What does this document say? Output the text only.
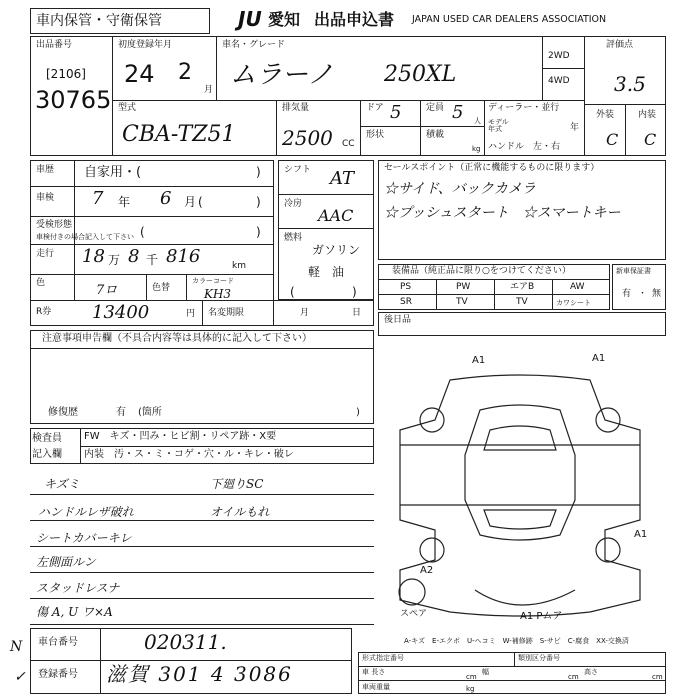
車内保管・守衛保管	JU 愛知 出品申込書 JAPAN USED CAR DEALERS ASSOCIATION
出品番号
[2106]
30765
初度登録年月
24 2
月
車名・グレード
ムラーノ 250XL
2WD
4WD
評価点
3.5
外装	内装
C C
型式
CBA-TZ51
排気量
2500 CC
ドア 5	定員 5 人
形状	積載
kg
ディーラー・並行
モデル
年式	年
ハンドル　左・右
車歴 自家用・(	)
車検 7 年 6 月 (	)
受検形態
車検付きの場合記入して下さい (	)
走行 18 万 8 千 816	km
色	7ロ	色替
カラーコード
KH3
R券 13400	円 名変期限	月	日
シフト AT
冷房
AAC
燃料
ガソリン
軽　油
(	)
セールスポイント（正常に機能するものに限ります）
☆サイド、バックカメラ
☆プッシュスタート　☆スマートキー
装備品（純正品に限り○をつけてください）
PS	PW	エアB	AW
SR	TV	TV	カワシート
新車保証書
有 ・ 無
後日品
注意事項申告欄（不具合内容等は具体的に記入して下さい）
修復歴	有 (箇所	)
検査員
記入欄
FW　キズ・凹み・ヒビ割・リペア跡・X要
内装　汚・ス・ミ・コゲ・穴・ル・キレ・破レ
キズミ
ハンドルレザ破れ
シートカバーキレ
左側面ルン
スタッドレスナ
傷 A, U ワ×A
下廻りSC
オイルもれ
A1	A1
A2
A1
A1 Pムア
スペア
A-キズ　E-エクボ　U-ヘコミ　W-補修跡　S-サビ　C-腐食　XX-交換済
N
✓
車台番号	020311.
登録番号 滋賀 301 4 3086
形式指定番号	類別区分番号
車 長さ
cm
幅
cm
高さ
cm
車両重量	kg
